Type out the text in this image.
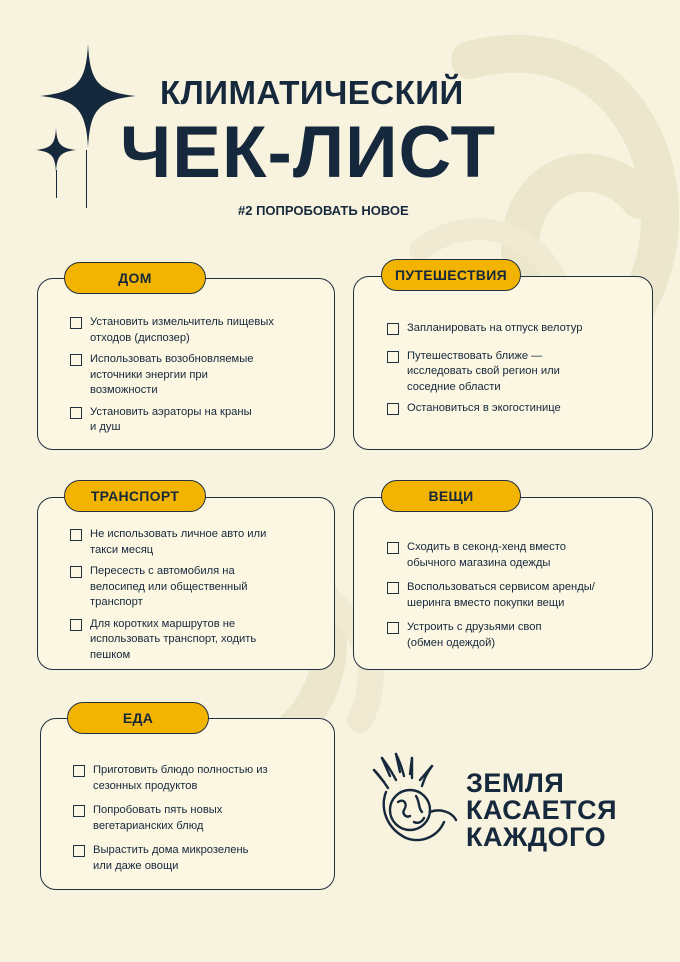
КЛИМАТИЧЕСКИЙ
ЧЕК-ЛИСТ
#2 ПОПРОБОВАТЬ НОВОЕ
ДОМ
Установить измельчитель пищевых
отходов (диспозер)
Использовать возобновляемые
источники энергии при
возможности
Установить аэраторы на краны
и душ
ПУТЕШЕСТВИЯ
Запланировать на отпуск велотур
Путешествовать ближе —
исследовать свой регион или
соседние области
Остановиться в экогостинице
ТРАНСПОРТ
Не использовать личное авто или
такси месяц
Пересесть с автомобиля на
велосипед или общественный
транспорт
Для коротких маршрутов не
использовать транспорт, ходить
пешком
ВЕЩИ
Сходить в секонд-хенд вместо
обычного магазина одежды
Воспользоваться сервисом аренды/
шеринга вместо покупки вещи
Устроить с друзьями своп
(обмен одеждой)
ЕДА
Приготовить блюдо полностью из
сезонных продуктов
Попробовать пять новых
вегетарианских блюд
Вырастить дома микрозелень
или даже овощи
ЗЕМЛЯ
КАСАЕТСЯ
КАЖДОГО
